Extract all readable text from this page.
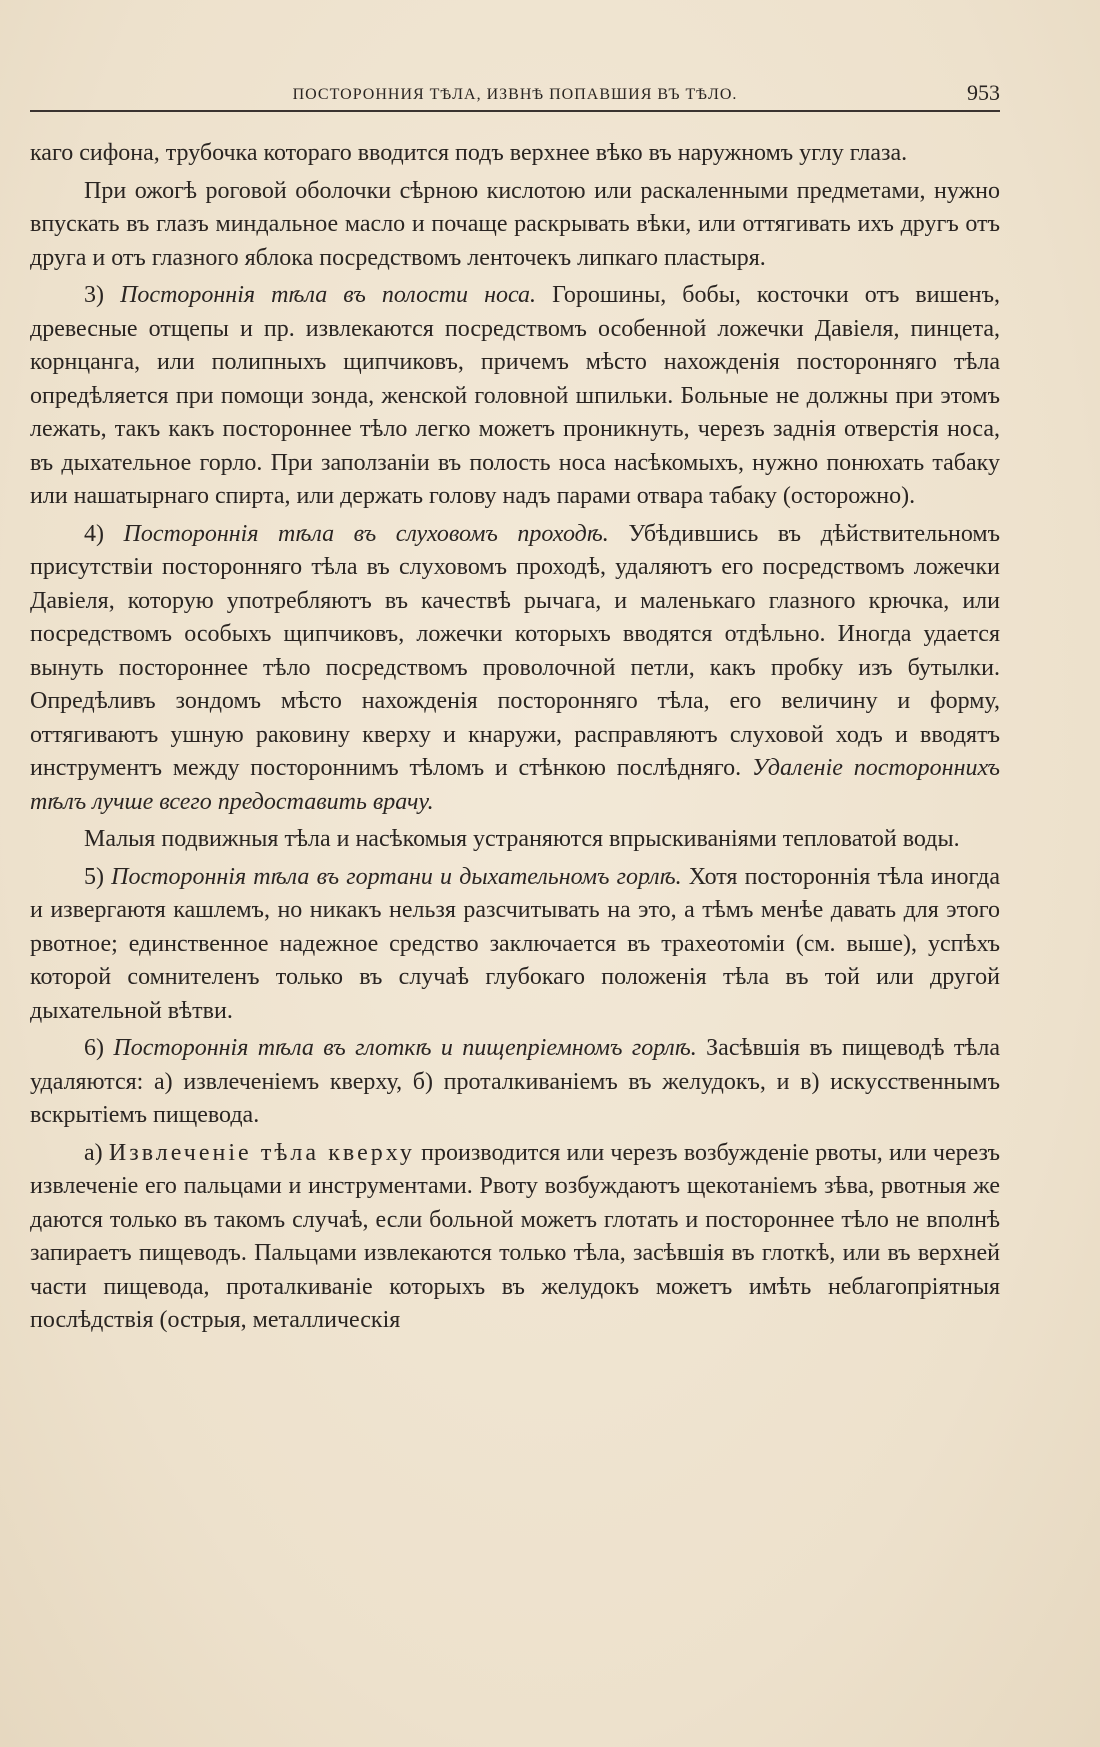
ПОСТОРОННИЯ ТѢЛА, ИЗВНѢ ПОПАВШИЯ ВЪ ТѢЛО.	953

каго сифона, трубочка котораго вводится подъ верхнее вѣко въ наружномъ углу глаза.

При ожогѣ роговой оболочки сѣрною кислотою или раскаленными предметами, нужно впускать въ глазъ миндальное масло и почаще раскрывать вѣки, или оттягивать ихъ другъ отъ друга и отъ глазного яблока посредствомъ ленточекъ липкаго пластыря.

3) Постороннія тѣла въ полости носа. Горошины, бобы, косточки отъ вишенъ, древесные отщепы и пр. извлекаются посредствомъ особенной ложечки Давіеля, пинцета, корнцанга, или полипныхъ щипчиковъ, причемъ мѣсто нахожденія посторонняго тѣла опредѣляется при помощи зонда, женской головной шпильки. Больные не должны при этомъ лежать, такъ какъ постороннее тѣло легко можетъ проникнуть, черезъ заднія отверстія носа, въ дыхательное горло. При заползаніи въ полость носа насѣкомыхъ, нужно понюхать табаку или нашатырнаго спирта, или держать голову надъ парами отвара табаку (осторожно).

4) Постороннія тѣла въ слуховомъ проходѣ. Убѣдившись въ дѣйствительномъ присутствіи посторонняго тѣла въ слуховомъ проходѣ, удаляютъ его посредствомъ ложечки Давіеля, которую употребляютъ въ качествѣ рычага, и маленькаго глазного крючка, или посредствомъ особыхъ щипчиковъ, ложечки которыхъ вводятся отдѣльно. Иногда удается вынуть постороннее тѣло посредствомъ проволочной петли, какъ пробку изъ бутылки. Опредѣливъ зондомъ мѣсто нахожденія посторонняго тѣла, его величину и форму, оттягиваютъ ушную раковину кверху и кнаружи, расправляютъ слуховой ходъ и вводятъ инструментъ между постороннимъ тѣломъ и стѣнкою послѣдняго. Удаленіе постороннихъ тѣлъ лучше всего предоставить врачу.

Малыя подвижныя тѣла и насѣкомыя устраняются впрыскиваніями тепловатой воды.

5) Постороннія тѣла въ гортани и дыхательномъ горлѣ. Хотя постороннія тѣла иногда и извергаютя кашлемъ, но никакъ нельзя разсчитывать на это, а тѣмъ менѣе давать для этого рвотное; единственное надежное средство заключается въ трахеотоміи (см. выше), успѣхъ которой сомнителенъ только въ случаѣ глубокаго положенія тѣла въ той или другой дыхательной вѣтви.

6) Постороннія тѣла въ глоткѣ и пищепріемномъ горлѣ. Засѣвшія въ пищеводѣ тѣла удаляются: а) извлеченіемъ кверху, б) проталкиваніемъ въ желудокъ, и в) искусственнымъ вскрытіемъ пищевода.

а) Извлеченіе тѣла кверху производится или черезъ возбужденіе рвоты, или черезъ извлеченіе его пальцами и инструментами. Рвоту возбуждаютъ щекотаніемъ зѣва, рвотныя же даются только въ такомъ случаѣ, если больной можетъ глотать и постороннее тѣло не вполнѣ запираетъ пищеводъ. Пальцами извлекаются только тѣла, засѣвшія въ глоткѣ, или въ верхней части пищевода, проталкиваніе которыхъ въ желудокъ можетъ имѣть неблагопріятныя послѣдствія (острыя, металлическія
